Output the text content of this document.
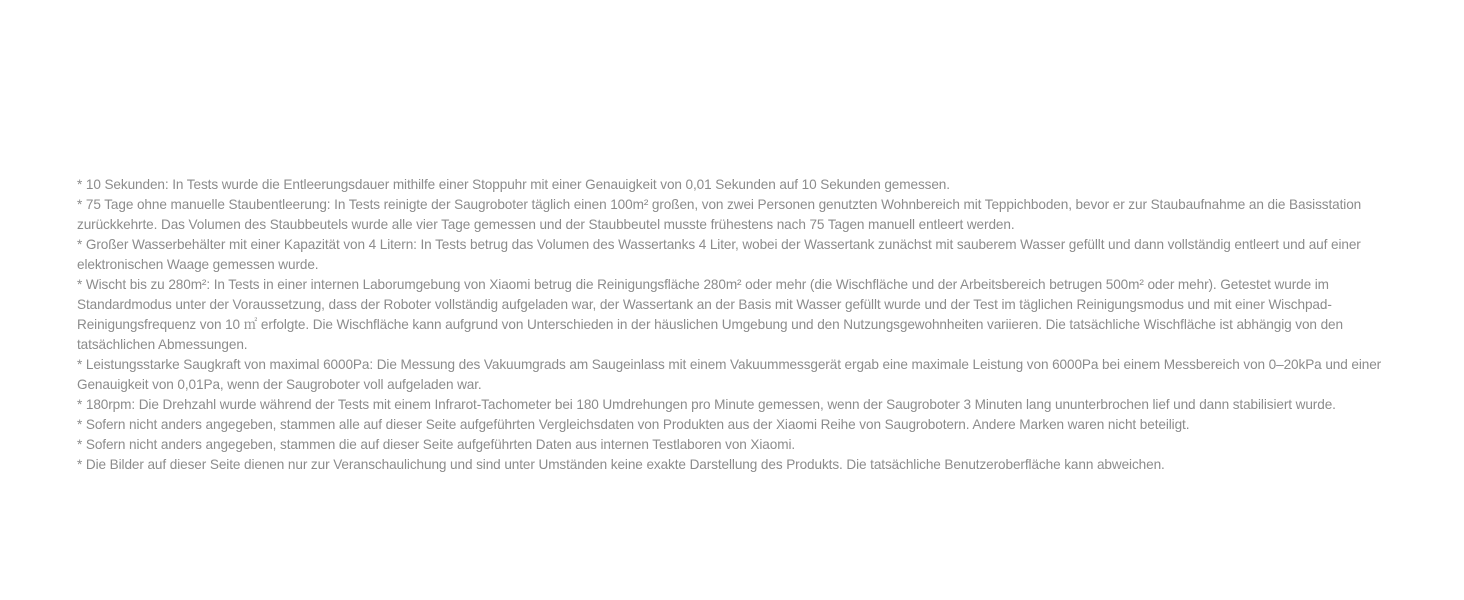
* 10 Sekunden: In Tests wurde die Entleerungsdauer mithilfe einer Stoppuhr mit einer Genauigkeit von 0,01 Sekunden auf 10 Sekunden gemessen.

* 75 Tage ohne manuelle Staubentleerung: In Tests reinigte der Saugroboter täglich einen 100m² großen, von zwei Personen genutzten Wohnbereich mit Teppichboden, bevor er zur Staubaufnahme an die Basisstation zurückkehrte. Das Volumen des Staubbeutels wurde alle vier Tage gemessen und der Staubbeutel musste frühestens nach 75 Tagen manuell entleert werden.

* Großer Wasserbehälter mit einer Kapazität von 4 Litern: In Tests betrug das Volumen des Wassertanks 4 Liter, wobei der Wassertank zunächst mit sauberem Wasser gefüllt und dann vollständig entleert und auf einer elektronischen Waage gemessen wurde.

* Wischt bis zu 280m²: In Tests in einer internen Laborumgebung von Xiaomi betrug die Reinigungsfläche 280m² oder mehr (die Wischfläche und der Arbeitsbereich betrugen 500m² oder mehr). Getestet wurde im Standardmodus unter der Voraussetzung, dass der Roboter vollständig aufgeladen war, der Wassertank an der Basis mit Wasser gefüllt wurde und der Test im täglichen Reinigungsmodus und mit einer Wischpad-Reinigungsfrequenz von 10 ㎡ erfolgte. Die Wischfläche kann aufgrund von Unterschieden in der häuslichen Umgebung und den Nutzungsgewohnheiten variieren. Die tatsächliche Wischfläche ist abhängig von den tatsächlichen Abmessungen.

* Leistungsstarke Saugkraft von maximal 6000Pa: Die Messung des Vakuumgrads am Saugeinlass mit einem Vakuummessgerät ergab eine maximale Leistung von 6000Pa bei einem Messbereich von 0–20kPa und einer Genauigkeit von 0,01Pa, wenn der Saugroboter voll aufgeladen war.

* 180rpm: Die Drehzahl wurde während der Tests mit einem Infrarot-Tachometer bei 180 Umdrehungen pro Minute gemessen, wenn der Saugroboter 3 Minuten lang ununterbrochen lief und dann stabilisiert wurde.

* Sofern nicht anders angegeben, stammen alle auf dieser Seite aufgeführten Vergleichsdaten von Produkten aus der Xiaomi Reihe von Saugrobotern. Andere Marken waren nicht beteiligt.

* Sofern nicht anders angegeben, stammen die auf dieser Seite aufgeführten Daten aus internen Testlaboren von Xiaomi.

* Die Bilder auf dieser Seite dienen nur zur Veranschaulichung und sind unter Umständen keine exakte Darstellung des Produkts. Die tatsächliche Benutzeroberfläche kann abweichen.
